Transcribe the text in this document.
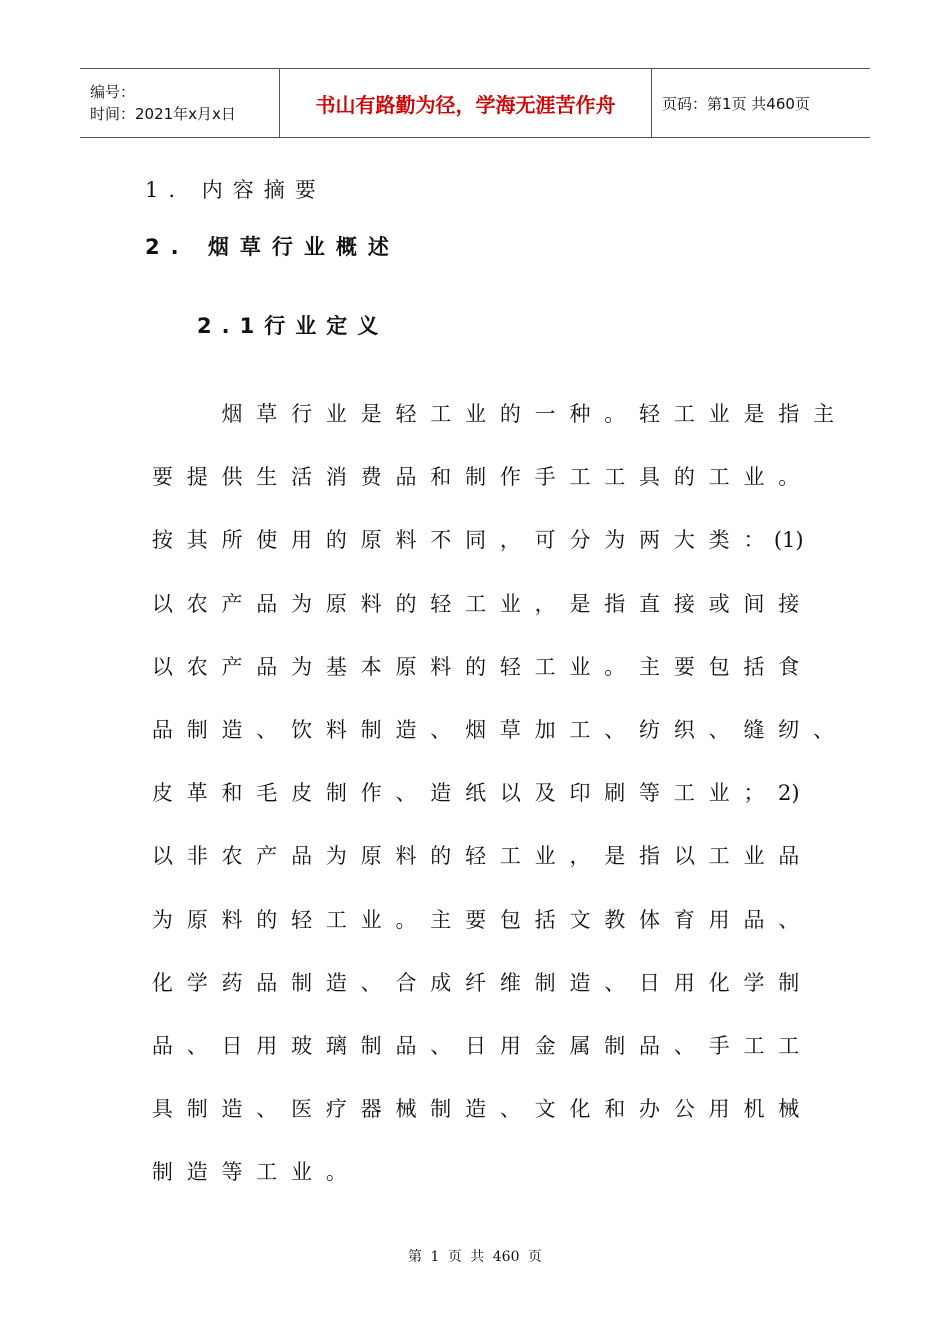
编号：
时间：2021年x月x日	书山有路勤为径，学海无涯苦作舟	页码：第1页 共460页
1. 内容摘要
2. 烟草行业概述
2.1行业定义
烟 草 行 业 是 轻 工 业 的 一 种 。 轻 工 业 是 指 主
要 提 供 生 活 消 费 品 和 制 作 手 工 工 具 的 工 业 。
按 其 所 使 用 的 原 料 不 同 ， 可 分 为 两 大 类 ： (1)
以 农 产 品 为 原 料 的 轻 工 业 ， 是 指 直 接 或 间 接
以 农 产 品 为 基 本 原 料 的 轻 工 业 。 主 要 包 括 食
品 制 造 、 饮 料 制 造 、 烟 草 加 工 、 纺 织 、 缝 纫 、
皮 革 和 毛 皮 制 作 、 造 纸 以 及 印 刷 等 工 业 ； 2)
以 非 农 产 品 为 原 料 的 轻 工 业 ， 是 指 以 工 业 品
为 原 料 的 轻 工 业 。 主 要 包 括 文 教 体 育 用 品 、
化 学 药 品 制 造 、 合 成 纤 维 制 造 、 日 用 化 学 制
品 、 日 用 玻 璃 制 品 、 日 用 金 属 制 品 、 手 工 工
具 制 造 、 医 疗 器 械 制 造 、 文 化 和 办 公 用 机 械
制 造 等 工 业 。
第 1 页 共 460 页
